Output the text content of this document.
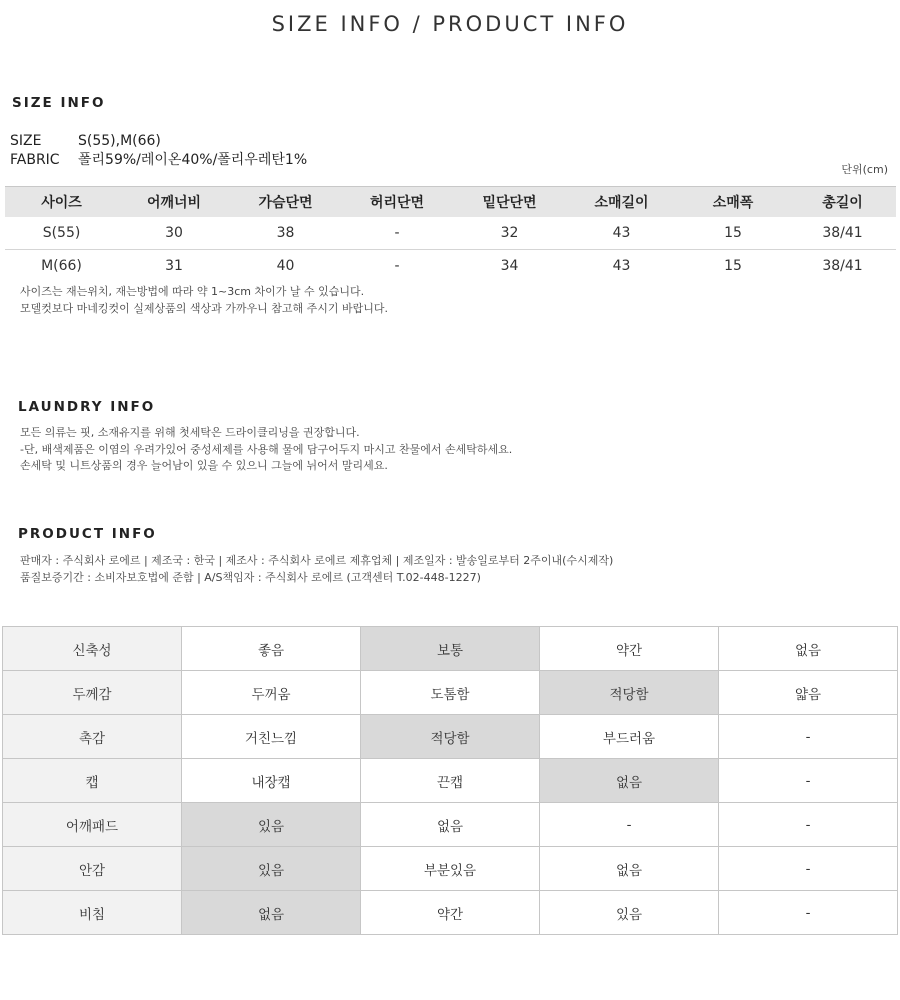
SIZE INFO / PRODUCT INFO
SIZE INFO
SIZE	S(55),M(66)
FABRIC 폴리59%/레이온40%/폴리우레탄1%
단위(cm)
사이즈	어깨너비	가슴단면	허리단면	밑단단면	소매길이	소매폭	총길이
S(55)	30	38	-	32	43	15	38/41
M(66)	31	40	-	34	43	15	38/41
사이즈는 재는위치, 재는방법에 따라 약 1~3cm 차이가 날 수 있습니다.
모델컷보다 마네킹컷이 실제상품의 색상과 가까우니 참고해 주시기 바랍니다.
LAUNDRY INFO
모든 의류는 핏, 소재유지를 위해 첫세탁은 드라이클리닝을 권장합니다.
-단, 배색제품은 이염의 우려가있어 중성세제를 사용해 물에 담구어두지 마시고 찬물에서 손세탁하세요.
손세탁 및 니트상품의 경우 늘어남이 있을 수 있으니 그늘에 뉘어서 말리세요.
PRODUCT INFO
판매자 : 주식회사 로에르 | 제조국 : 한국 | 제조사 : 주식회사 로에르 제휴업체 | 제조일자 : 발송일로부터 2주이내(수시제작)
품질보증기간 : 소비자보호법에 준함 | A/S책임자 : 주식회사 로에르 (고객센터 T.02-448-1227)
신축성	좋음	보통	약간	없음
두께감	두꺼움	도톰함	적당함	얇음
촉감	거친느낌	적당함	부드러움	-
캡	내장캡	끈캡	없음	-
어깨패드	있음	없음	-	-
안감	있음	부분있음	없음	-
비침	없음	약간	있음	-
